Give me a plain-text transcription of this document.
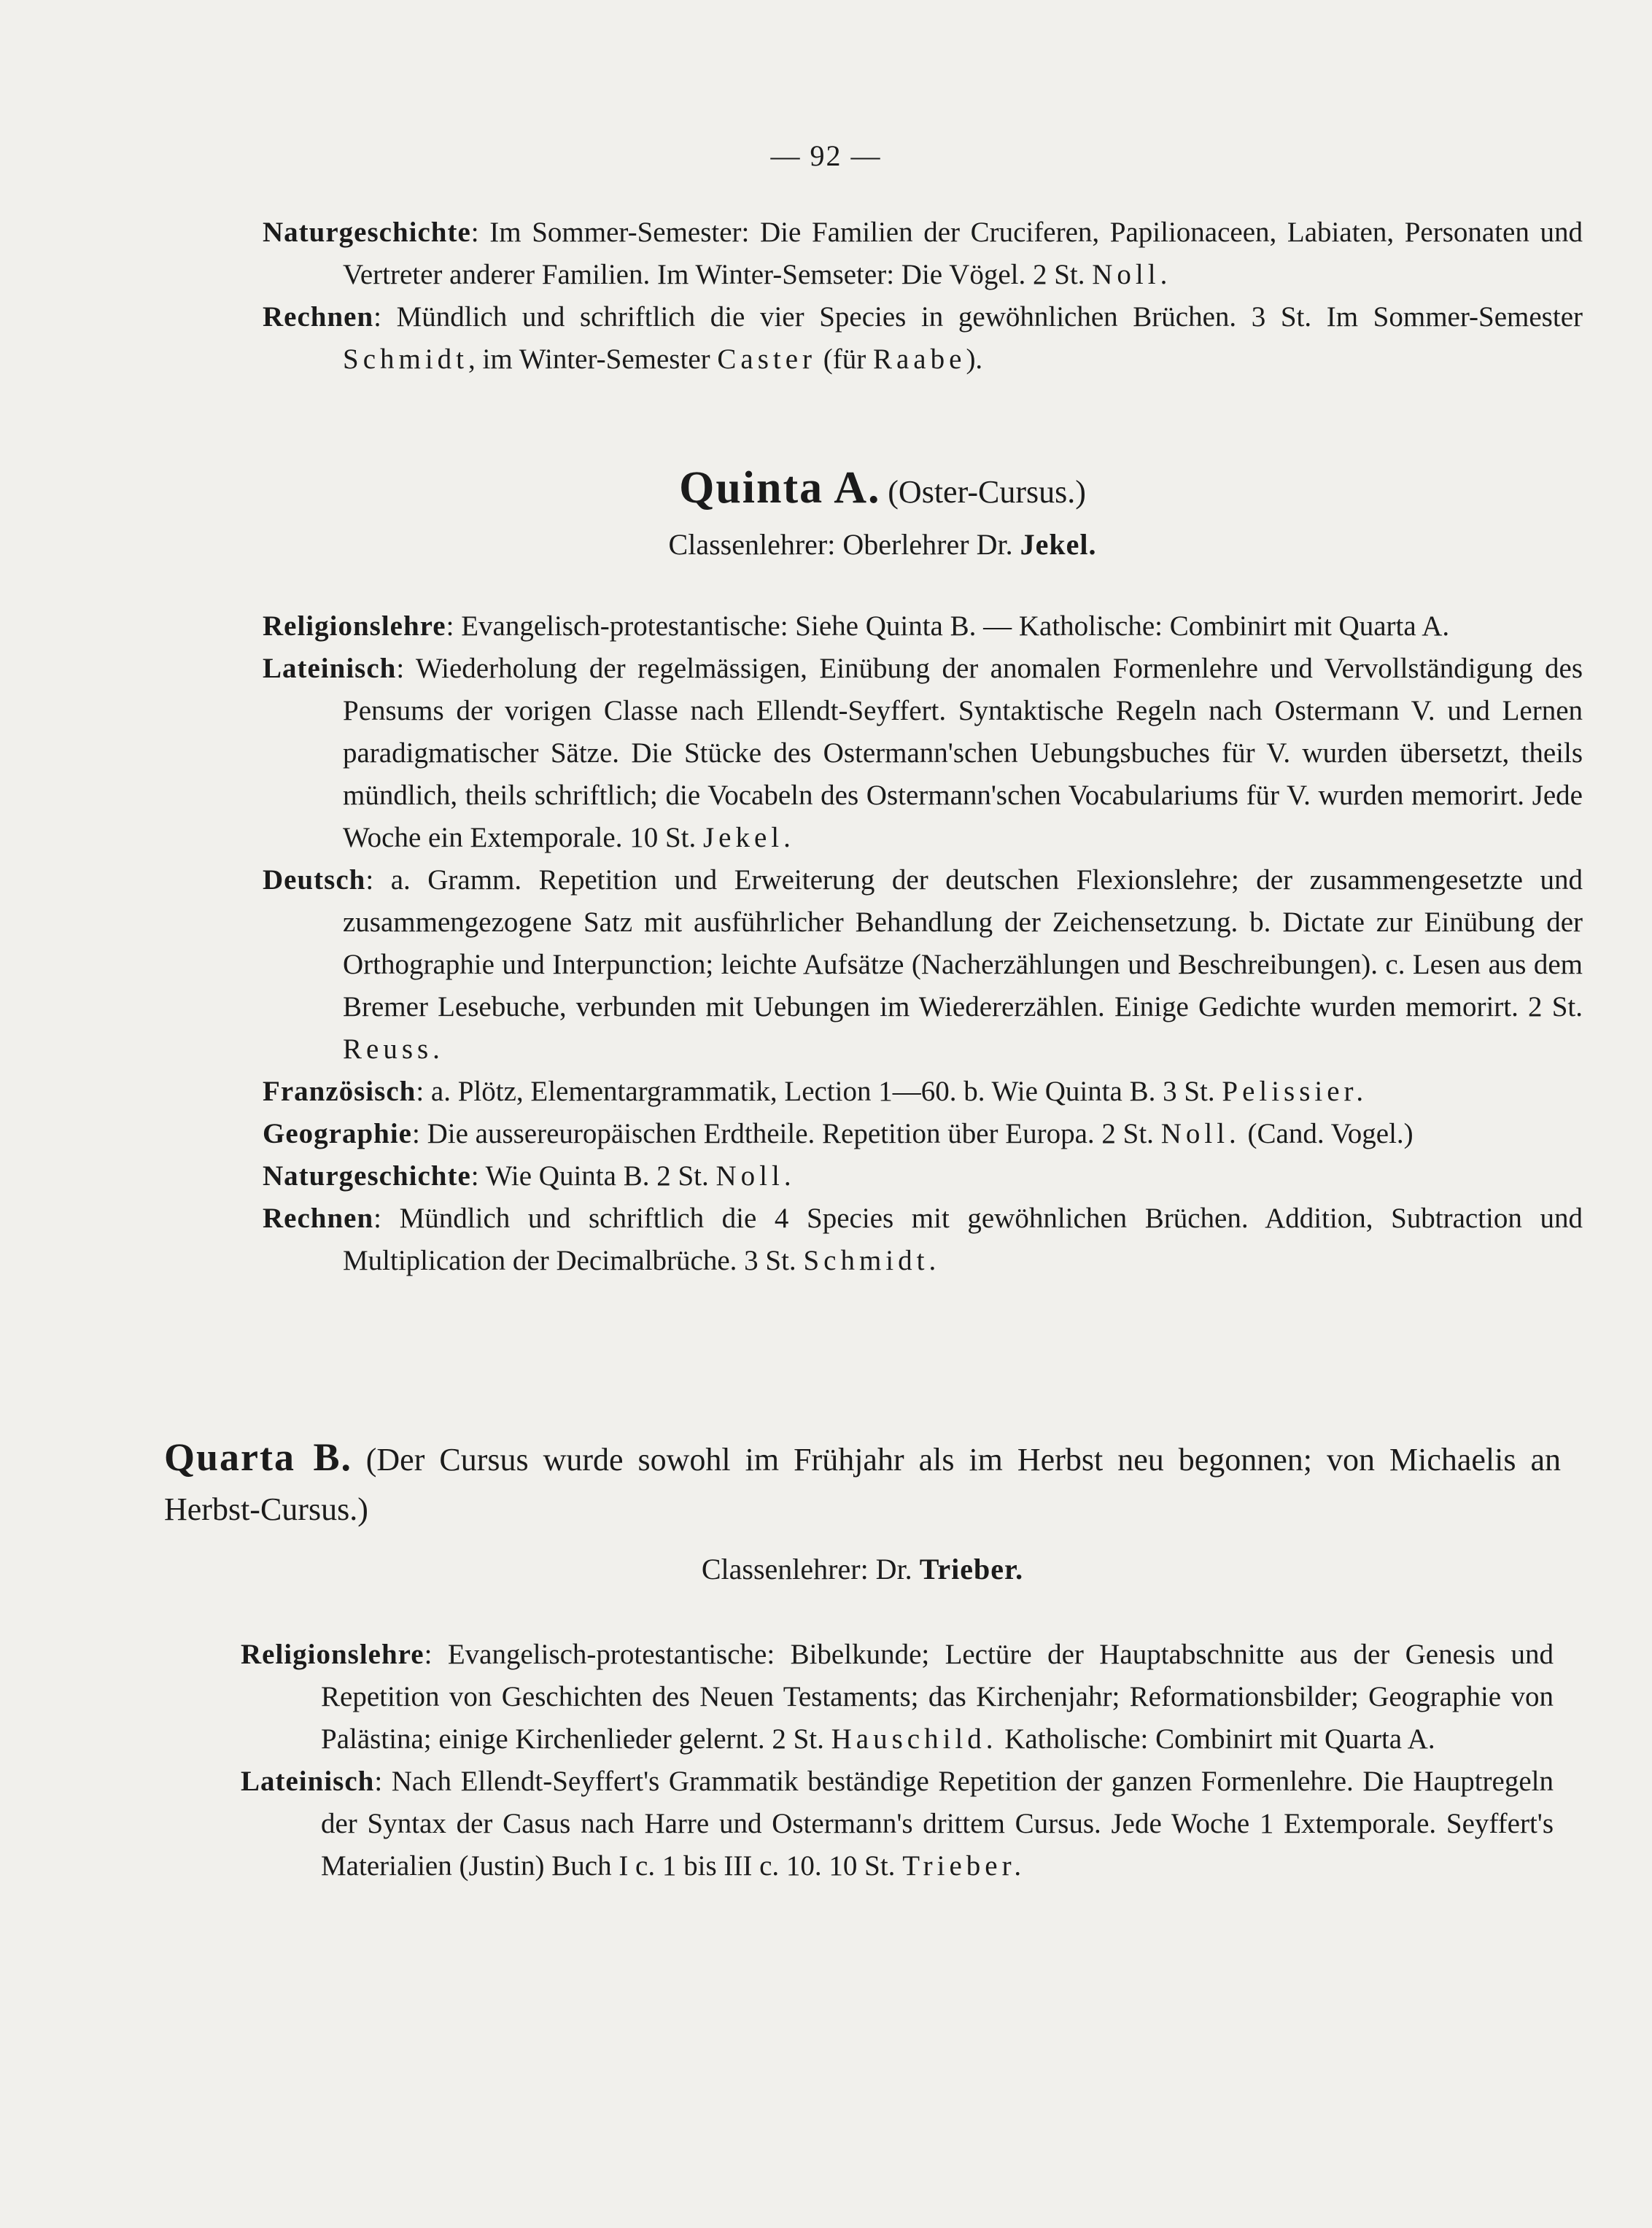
— 92 —

Naturgeschichte: Im Sommer-Semester: Die Familien der Cruciferen, Papilionaceen, Labiaten, Personaten und Vertreter anderer Familien. Im Winter-Semseter: Die Vögel. 2 St. Noll.

Rechnen: Mündlich und schriftlich die vier Species in gewöhnlichen Brüchen. 3 St. Im Sommer-Semester Schmidt, im Winter-Semester Caster (für Raabe).

Quinta A. (Oster-Cursus.)

Classenlehrer: Oberlehrer Dr. Jekel.

Religionslehre: Evangelisch-protestantische: Siehe Quinta B. — Katholische: Combinirt mit Quarta A.

Lateinisch: Wiederholung der regelmässigen, Einübung der anomalen Formenlehre und Vervollständigung des Pensums der vorigen Classe nach Ellendt-Seyffert. Syntaktische Regeln nach Ostermann V. und Lernen paradigmatischer Sätze. Die Stücke des Ostermann'schen Uebungsbuches für V. wurden übersetzt, theils mündlich, theils schriftlich; die Vocabeln des Ostermann'schen Vocabulariums für V. wurden memorirt. Jede Woche ein Extemporale. 10 St. Jekel.

Deutsch: a. Gramm. Repetition und Erweiterung der deutschen Flexionslehre; der zusammengesetzte und zusammengezogene Satz mit ausführlicher Behandlung der Zeichensetzung. b. Dictate zur Einübung der Orthographie und Interpunction; leichte Aufsätze (Nacherzählungen und Beschreibungen). c. Lesen aus dem Bremer Lesebuche, verbunden mit Uebungen im Wiedererzählen. Einige Gedichte wurden memorirt. 2 St. Reuss.

Französisch: a. Plötz, Elementargrammatik, Lection 1—60. b. Wie Quinta B. 3 St. Pelissier.

Geographie: Die aussereuropäischen Erdtheile. Repetition über Europa. 2 St. Noll. (Cand. Vogel.)

Naturgeschichte: Wie Quinta B. 2 St. Noll.

Rechnen: Mündlich und schriftlich die 4 Species mit gewöhnlichen Brüchen. Addition, Subtraction und Multiplication der Decimalbrüche. 3 St. Schmidt.

Quarta B. (Der Cursus wurde sowohl im Frühjahr als im Herbst neu begonnen; von Michaelis an Herbst-Cursus.)

Classenlehrer: Dr. Trieber.

Religionslehre: Evangelisch-protestantische: Bibelkunde; Lectüre der Hauptabschnitte aus der Genesis und Repetition von Geschichten des Neuen Testaments; das Kirchenjahr; Reformationsbilder; Geographie von Palästina; einige Kirchenlieder gelernt. 2 St. Hauschild. Katholische: Combinirt mit Quarta A.

Lateinisch: Nach Ellendt-Seyffert's Grammatik beständige Repetition der ganzen Formenlehre. Die Hauptregeln der Syntax der Casus nach Harre und Ostermann's drittem Cursus. Jede Woche 1 Extemporale. Seyffert's Materialien (Justin) Buch I c. 1 bis III c. 10. 10 St. Trieber.
